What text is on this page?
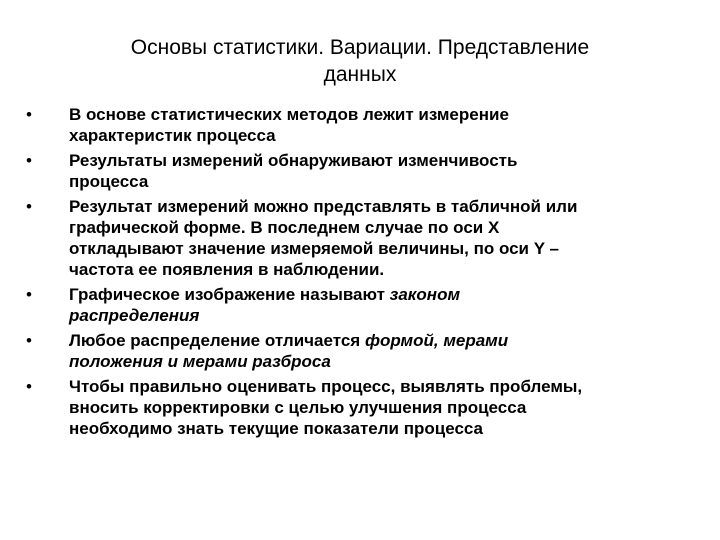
Основы статистики. Вариации. Представление
данных
•	В основе статистических методов лежит измерение
характеристик процесса
•	Результаты измерений обнаруживают изменчивость
процесса
•	Результат измерений можно представлять в табличной или
графической форме. В последнем случае по оси X
откладывают значение измеряемой величины, по оси Y –
частота ее появления в наблюдении.
•	Графическое изображение называют законом
распределения
•	Любое распределение отличается формой, мерами
положения и мерами разброса
•	Чтобы правильно оценивать процесс, выявлять проблемы,
вносить корректировки с целью улучшения процесса
необходимо знать текущие показатели процесса
